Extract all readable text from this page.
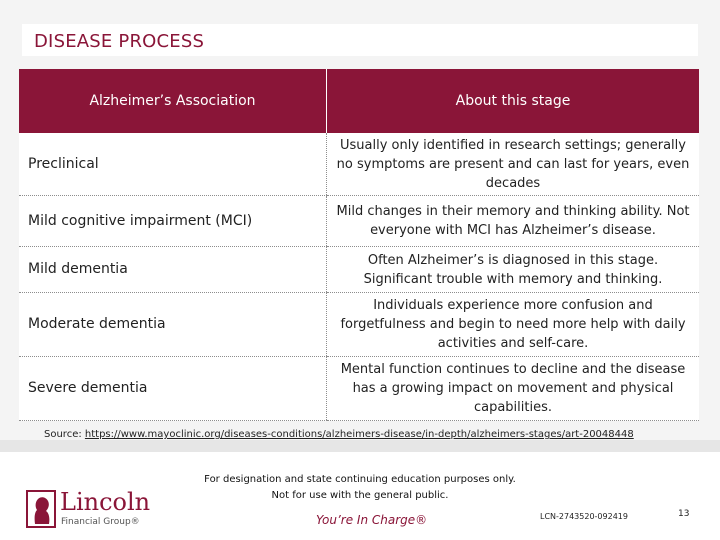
DISEASE PROCESS
Alzheimer’s Association	About this stage
Preclinical	Usually only identified in research settings; generally no symptoms are present and can last for years, even decades
Mild cognitive impairment (MCI)	Mild changes in their memory and thinking ability. Not everyone with MCI has Alzheimer’s disease.
Mild dementia	Often Alzheimer’s is diagnosed in this stage. Significant trouble with memory and thinking.
Moderate dementia	Individuals experience more confusion and forgetfulness and begin to need more help with daily activities and self-care.
Severe dementia	Mental function continues to decline and the disease has a growing impact on movement and physical capabilities.
Source: https://www.mayoclinic.org/diseases-conditions/alzheimers-disease/in-depth/alzheimers-stages/art-20048448
For designation and state continuing education purposes only.
Not for use with the general public.
Lincoln
Financial Group®	You’re In Charge®	LCN-2743520-092419	13
